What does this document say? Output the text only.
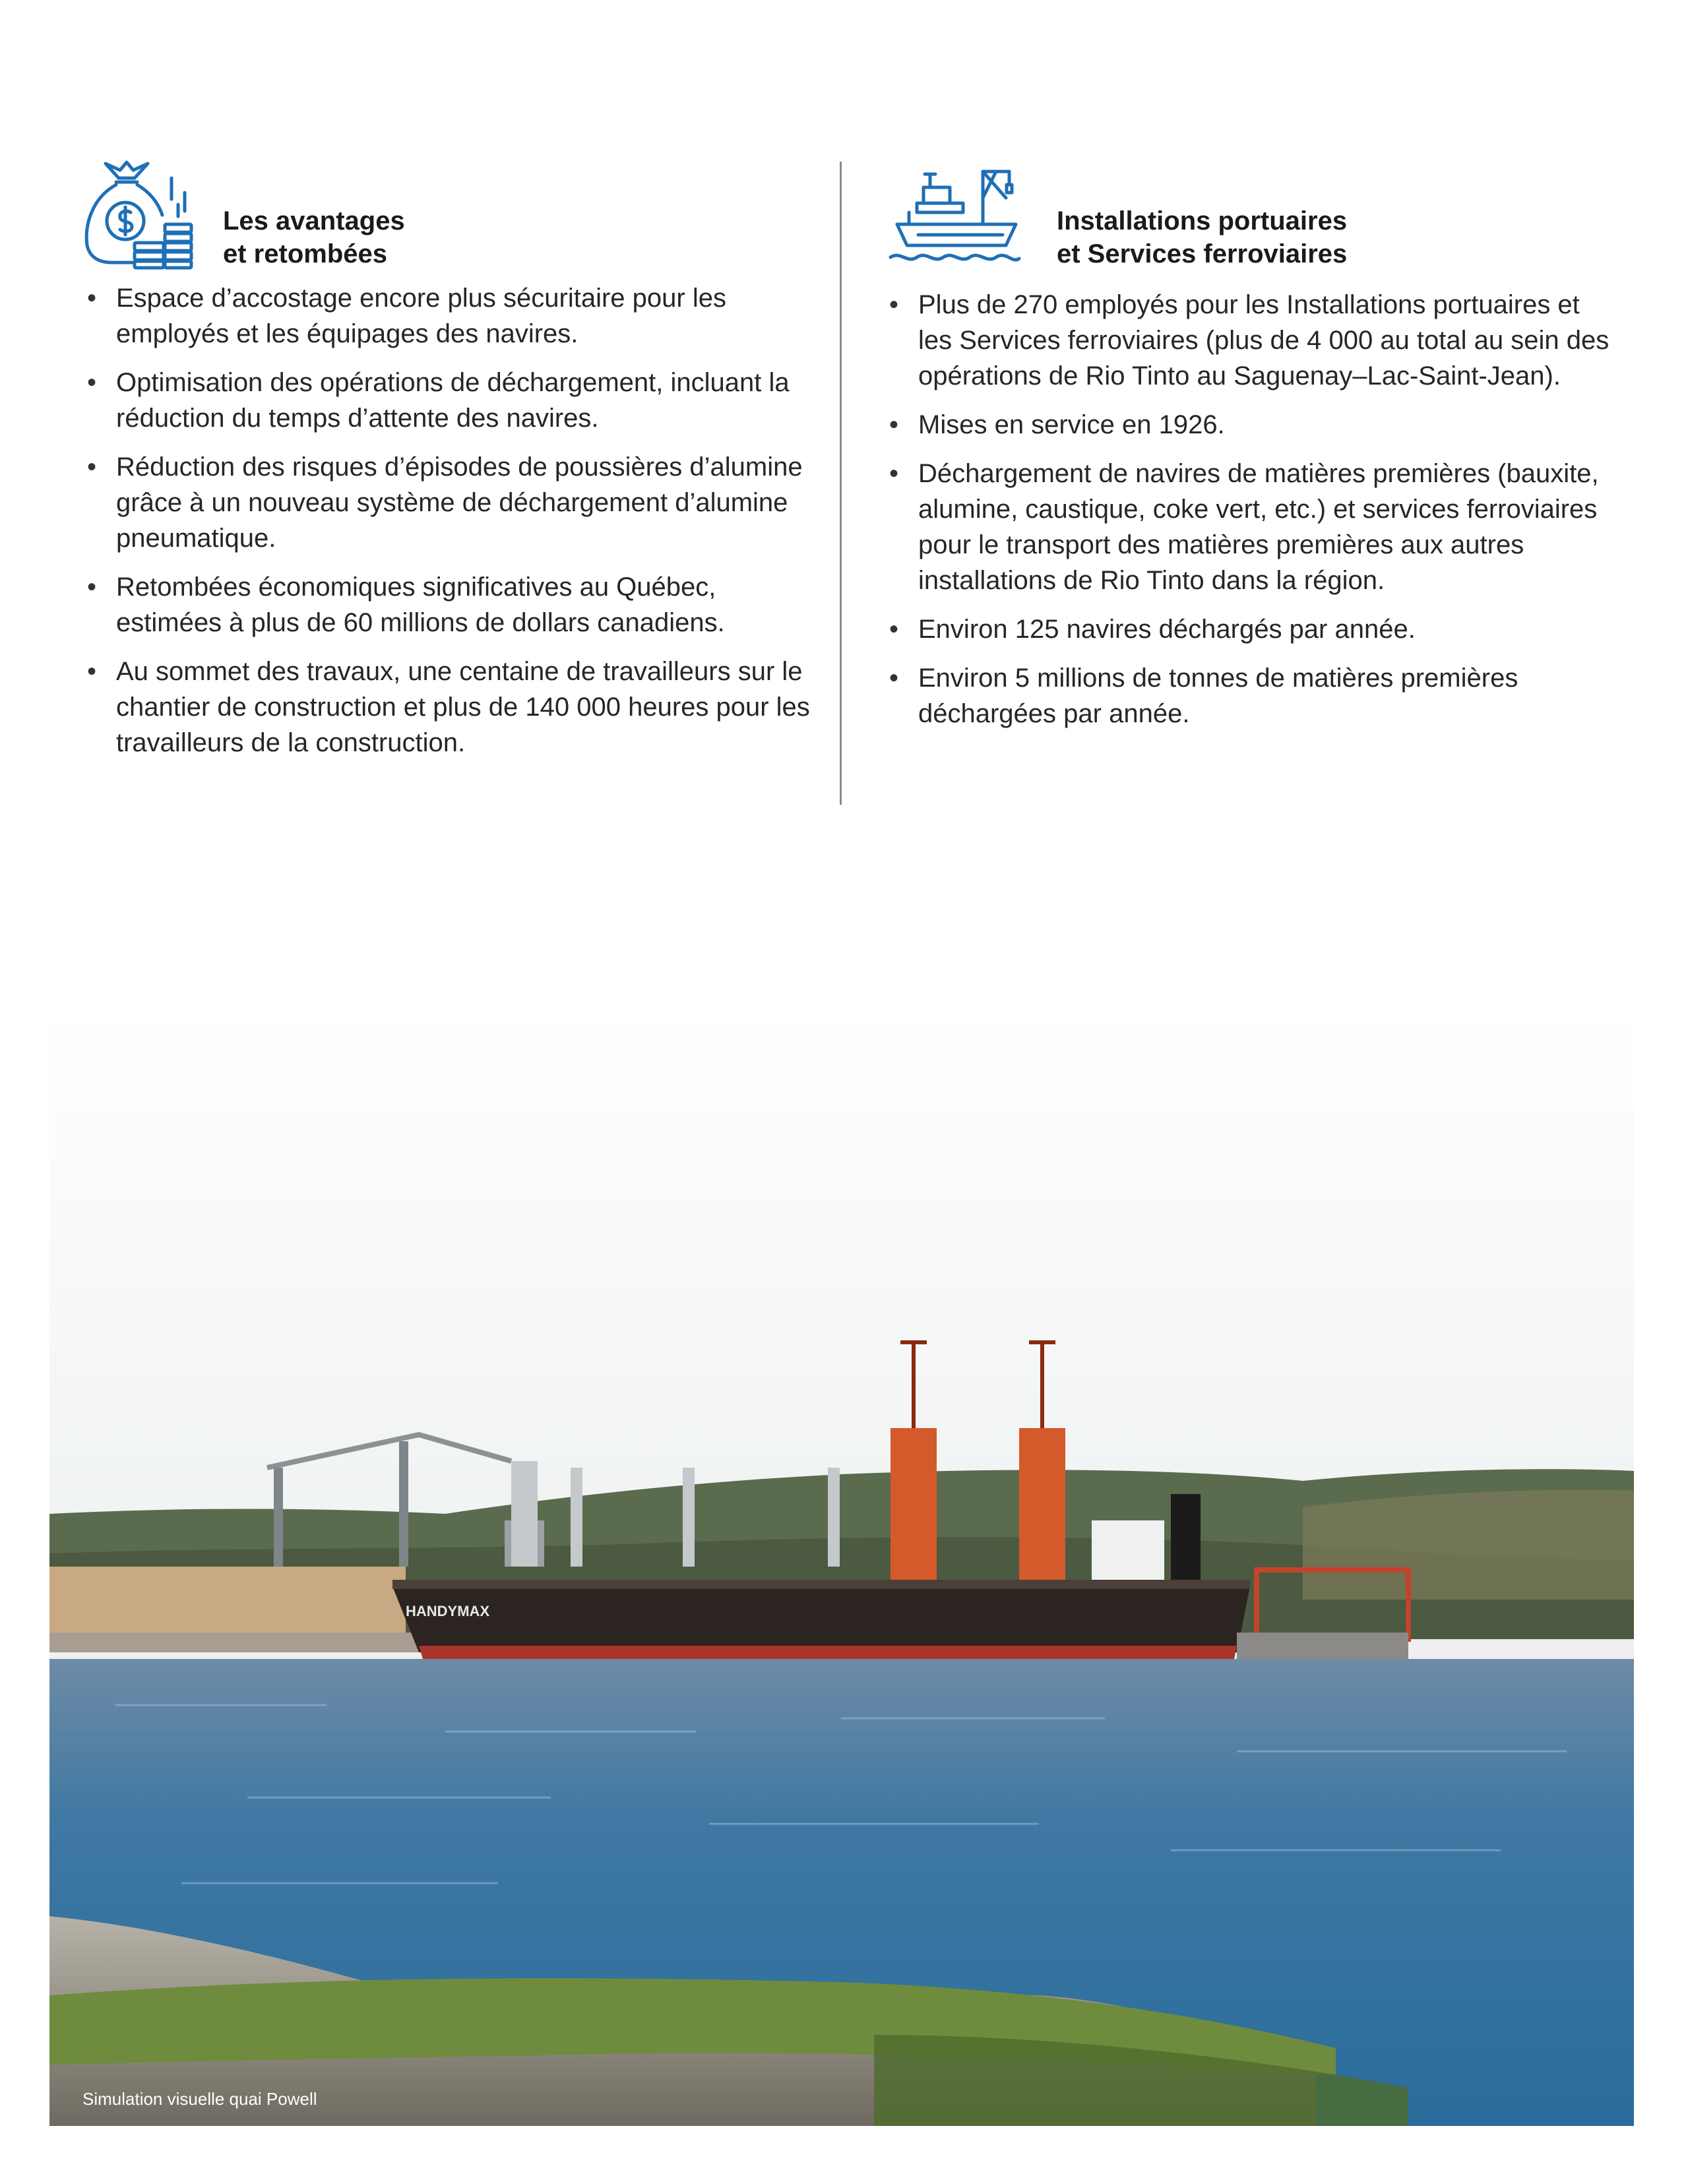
Les avantages
et retombées
• Espace d’accostage encore plus sécuritaire pour les employés et les équipages des navires.
• Optimisation des opérations de déchargement, incluant la réduction du temps d’attente des navires.
• Réduction des risques d’épisodes de poussières d’alumine grâce à un nouveau système de déchargement d’alumine pneumatique.
• Retombées économiques significatives au Québec, estimées à plus de 60 millions de dollars canadiens.
• Au sommet des travaux, une centaine de travailleurs sur le chantier de construction et plus de 140 000 heures pour les travailleurs de la construction.
Installations portuaires
et Services ferroviaires
• Plus de 270 employés pour les Installations portuaires et les Services ferroviaires (plus de 4 000 au total au sein des opérations de Rio Tinto au Saguenay–Lac-Saint-Jean).
• Mises en service en 1926.
• Déchargement de navires de matières premières (bauxite, alumine, caustique, coke vert, etc.) et services ferroviaires pour le transport des matières premières aux autres installations de Rio Tinto dans la région.
• Environ 125 navires déchargés par année.
• Environ 5 millions de tonnes de matières premières déchargées par année.
HANDYMAX
Simulation visuelle quai Powell
